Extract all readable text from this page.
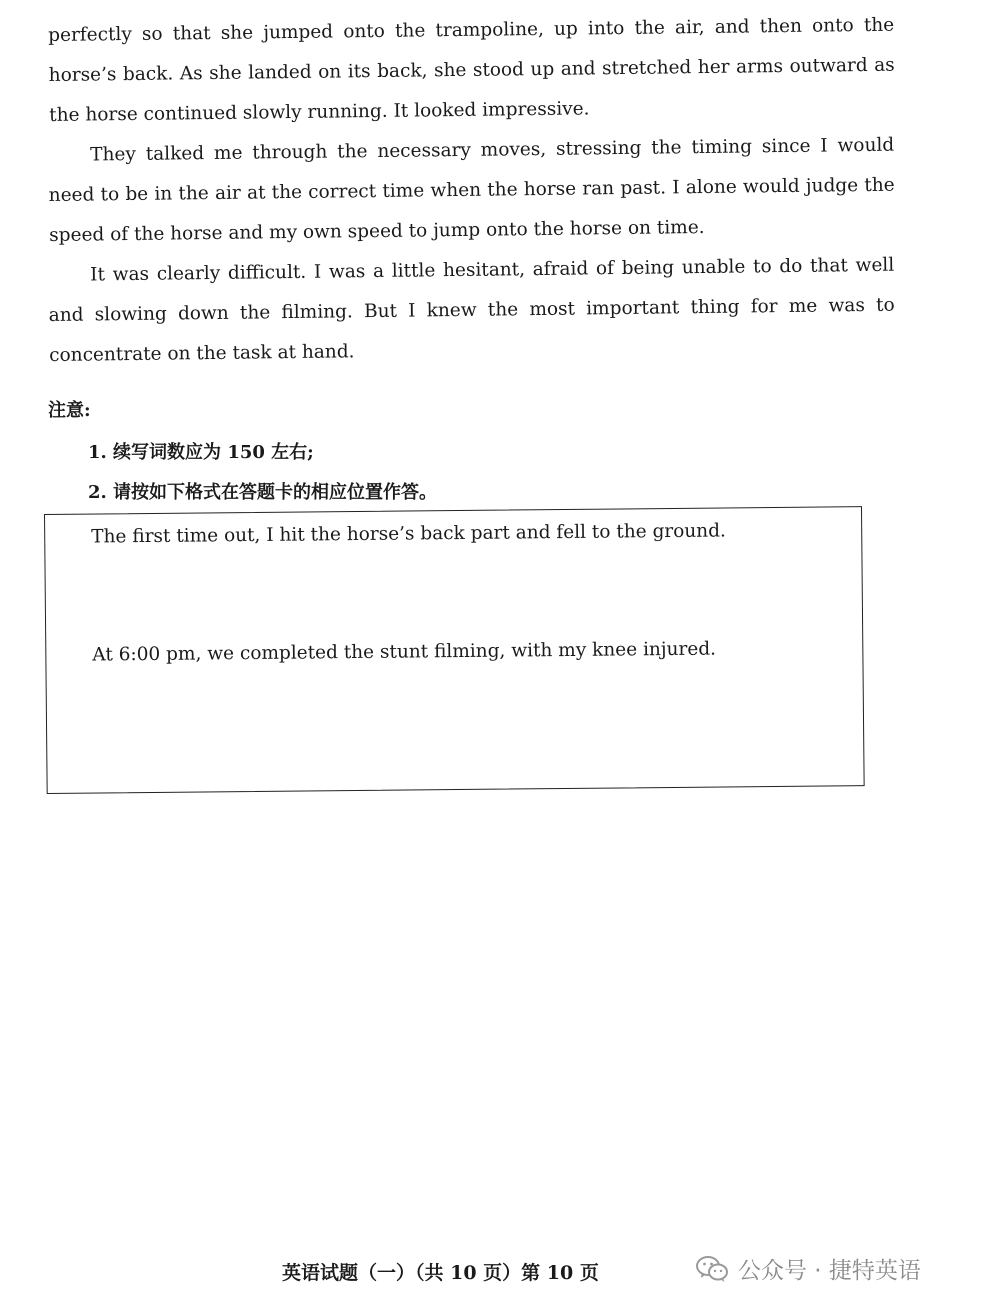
perfectly so that she jumped onto the trampoline, up into the air, and then onto the horse’s back. As she landed on its back, she stood up and stretched her arms outward as the horse continued slowly running. It looked impressive.

They talked me through the necessary moves, stressing the timing since I would need to be in the air at the correct time when the horse ran past. I alone would judge the speed of the horse and my own speed to jump onto the horse on time.

It was clearly difficult. I was a little hesitant, afraid of being unable to do that well and slowing down the filming. But I knew the most important thing for me was to concentrate on the task at hand.

注意:

1. 续写词数应为 150 左右;

2. 请按如下格式在答题卡的相应位置作答。

The first time out, I hit the horse’s back part and fell to the ground.

At 6:00 pm, we completed the stunt filming, with my knee injured.

英语试题（一）（共 10 页）第 10 页	公众号 · 捷特英语
